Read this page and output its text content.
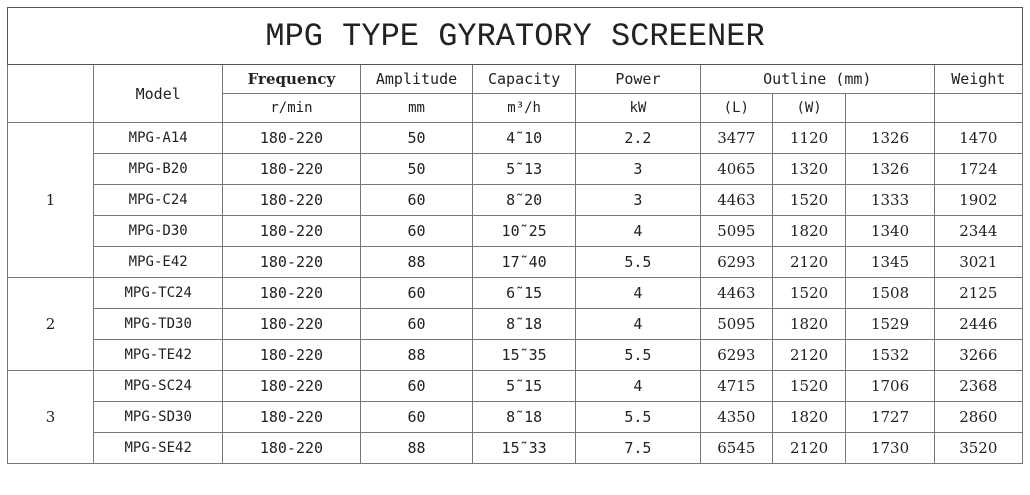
MPG TYPE GYRATORY SCREENER									
	Model	Frequency	Amplitude	Capacity	Power	Outline (mm)			Weight
		r/min	mm	m³/h	kW	(L)	(W)		
1	MPG-A14	180-220	50	4˜10	2.2	3477	1120	1326	1470
	MPG-B20	180-220	50	5˜13	3	4065	1320	1326	1724
	MPG-C24	180-220	60	8˜20	3	4463	1520	1333	1902
	MPG-D30	180-220	60	10˜25	4	5095	1820	1340	2344
	MPG-E42	180-220	88	17˜40	5.5	6293	2120	1345	3021
2	MPG-TC24	180-220	60	6˜15	4	4463	1520	1508	2125
	MPG-TD30	180-220	60	8˜18	4	5095	1820	1529	2446
	MPG-TE42	180-220	88	15˜35	5.5	6293	2120	1532	3266
3	MPG-SC24	180-220	60	5˜15	4	4715	1520	1706	2368
	MPG-SD30	180-220	60	8˜18	5.5	4350	1820	1727	2860
	MPG-SE42	180-220	88	15˜33	7.5	6545	2120	1730	3520
